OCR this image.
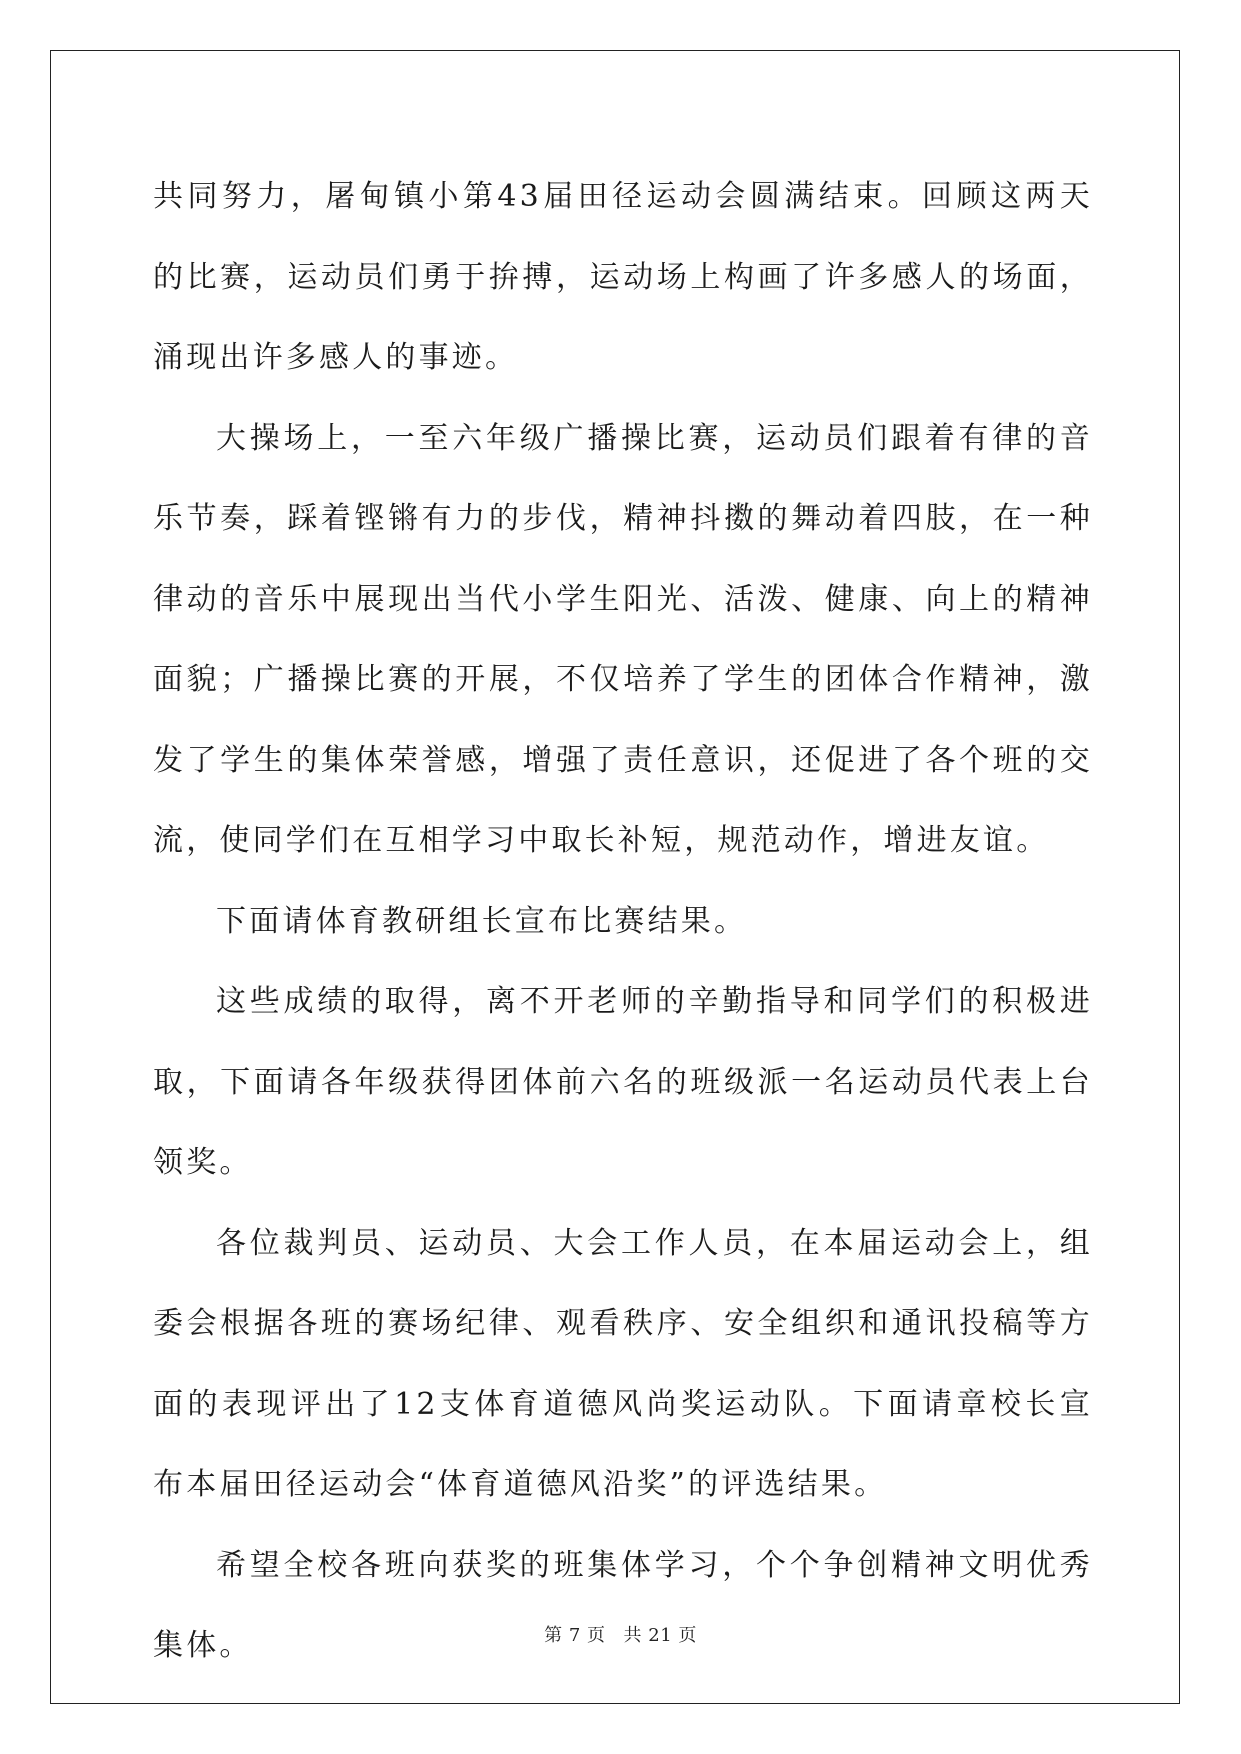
共同努力，屠甸镇小第43届田径运动会圆满结束。回顾这两天的比赛，运动员们勇于拚搏，运动场上构画了许多感人的场面，涌现出许多感人的事迹。

大操场上，一至六年级广播操比赛，运动员们跟着有律的音乐节奏，踩着铿锵有力的步伐，精神抖擞的舞动着四肢，在一种律动的音乐中展现出当代小学生阳光、活泼、健康、向上的精神面貌；广播操比赛的开展，不仅培养了学生的团体合作精神，激发了学生的集体荣誉感，增强了责任意识，还促进了各个班的交流，使同学们在互相学习中取长补短，规范动作，增进友谊。

下面请体育教研组长宣布比赛结果。

这些成绩的取得，离不开老师的辛勤指导和同学们的积极进取，下面请各年级获得团体前六名的班级派一名运动员代表上台领奖。

各位裁判员、运动员、大会工作人员，在本届运动会上，组委会根据各班的赛场纪律、观看秩序、安全组织和通讯投稿等方面的表现评出了12支体育道德风尚奖运动队。下面请章校长宣布本届田径运动会“体育道德风沿奖”的评选结果。

希望全校各班向获奖的班集体学习，个个争创精神文明优秀集体。	第 7 页 共 21 页
